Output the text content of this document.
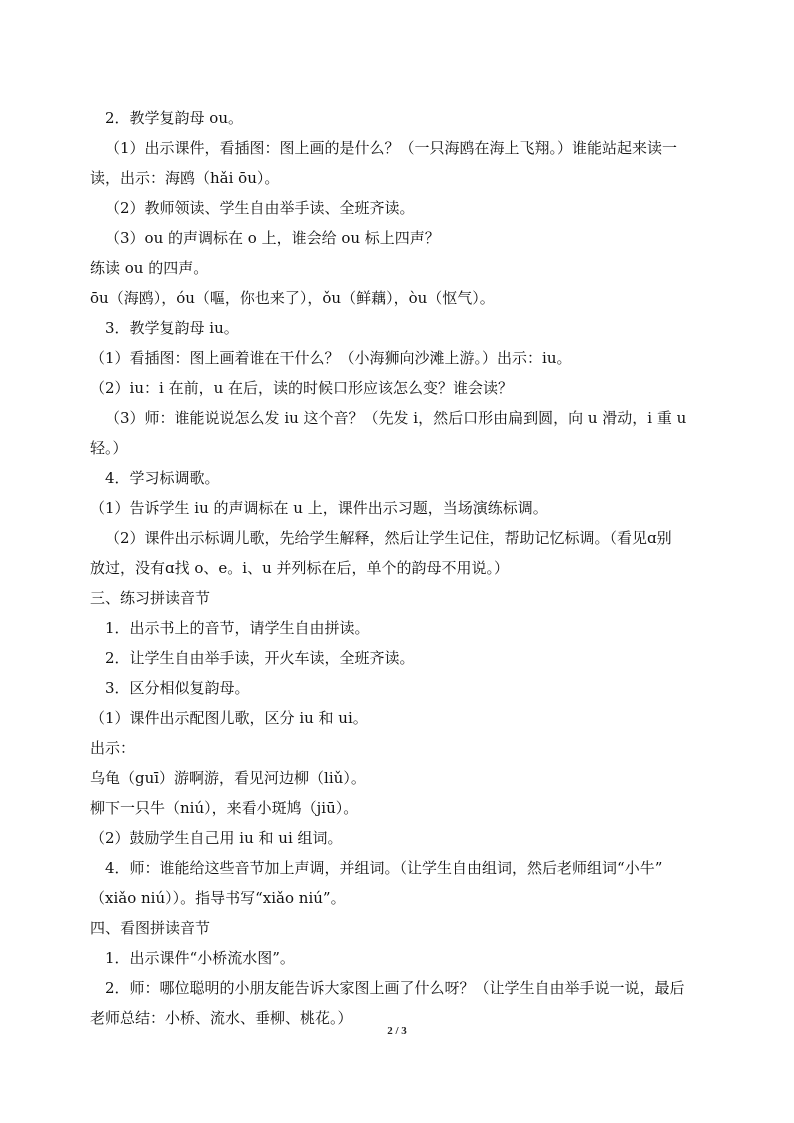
2．教学复韵母 ou。
（1）出示课件，看插图：图上画的是什么？（一只海鸥在海上飞翔。）谁能站起来读一
读，出示：海鸥（hǎi ōu）。
（2）教师领读、学生自由举手读、全班齐读。
（3）ou 的声调标在 o 上，谁会给 ou 标上四声？
练读 ou 的四声。
ōu（海鸥），óu（嘔，你也来了），ǒu（鲜藕），òu（怄气）。
3．教学复韵母 iu。
（1）看插图：图上画着谁在干什么？（小海狮向沙滩上游。）出示：iu。
（2）iu：i 在前，u 在后，读的时候口形应该怎么变？谁会读？
（3）师：谁能说说怎么发 iu 这个音？（先发 i，然后口形由扁到圆，向 u 滑动，i 重 u
轻。）
4．学习标调歌。
（1）告诉学生 iu 的声调标在 u 上，课件出示习题，当场演练标调。
（2）课件出示标调儿歌，先给学生解释，然后让学生记住，帮助记忆标调。（看见ɑ别
放过，没有ɑ找 o、e。i、u 并列标在后，单个的韵母不用说。）
三、练习拼读音节
1．出示书上的音节，请学生自由拼读。
2．让学生自由举手读，开火车读，全班齐读。
3．区分相似复韵母。
（1）课件出示配图儿歌，区分 iu 和 ui。
出示：
乌龟（guī）游啊游，看见河边柳（liǔ）。
柳下一只牛（niú），来看小斑鸠（jiū）。
（2）鼓励学生自己用 iu 和 ui 组词。
4．师：谁能给这些音节加上声调，并组词。（让学生自由组词，然后老师组词“小牛”
（xiǎo niú））。指导书写“xiǎo niú”。
四、看图拼读音节
1．出示课件“小桥流水图”。
2．师：哪位聪明的小朋友能告诉大家图上画了什么呀？（让学生自由举手说一说，最后
老师总结：小桥、流水、垂柳、桃花。）
2 / 3
